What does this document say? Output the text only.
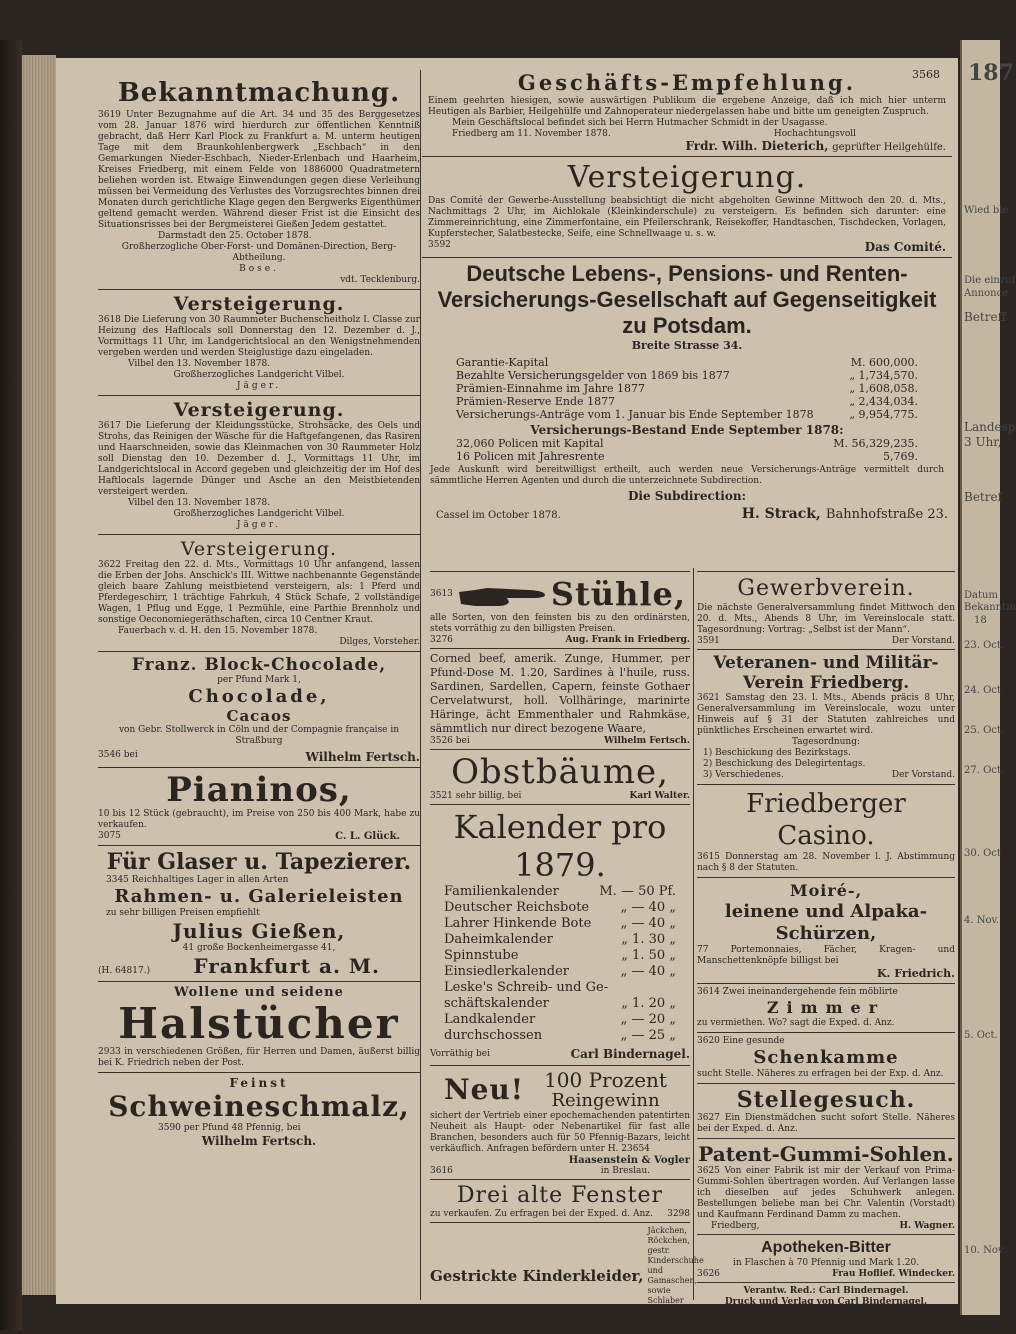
187
Wied ble
Die einzuf
Annonce
Betreff
Landesp
3 Uhr,
Betref
Datum
Bekanntm
18
23. Oct.
24. Oct
25. Oct.
27. Oct.
30. Oct
4. Nov.
5. Oct.
10. Nov.
3568
Bekanntmachung.
3619 Unter Bezugnahme auf die Art. 34 und 35 des Berggesetzes vom 28. Januar 1876 wird hierdurch zur öffentlichen Kenntniß gebracht, daß Herr Karl Plock zu Frankfurt a. M. unterm heutigen Tage mit dem Braunkohlenbergwerk „Eschbach“ in den Gemarkungen Nieder-Eschbach, Nieder-Erlenbach und Haarheim, Kreises Friedberg, mit einem Felde von 1886000 Quadratmetern beliehen worden ist. Etwaige Einwendungen gegen diese Verleihung müssen bei Vermeidung des Verlustes des Vorzugsrechtes binnen drei Monaten durch gerichtliche Klage gegen den Bergwerks Eigenthümer geltend gemacht werden. Während dieser Frist ist die Einsicht des Situationsrisses bei der Bergmeisterei Gießen Jedem gestattet.
Darmstadt den 25. October 1878.
Großherzogliche Ober-Forst- und Domänen-Direction, Berg-Abtheilung.
Bose.
vdt. Tecklenburg.
Versteigerung.
3618 Die Lieferung von 30 Raummeter Buchenscheitholz I. Classe zur Heizung des Haftlocals soll Donnerstag den 12. Dezember d. J., Vormittags 11 Uhr, im Landgerichtslocal an den Wenigstnehmenden vergeben werden und werden Steiglustige dazu eingeladen.
Vilbel den 13. November 1878.
Großherzogliches Landgericht Vilbel.
Jäger.
Versteigerung.
3617 Die Lieferung der Kleidungsstücke, Strohsäcke, des Oels und Strohs, das Reinigen der Wäsche für die Haftgefangenen, das Rasiren und Haarschneiden, sowie das Kleinmachen von 30 Raummeter Holz soll Dienstag den 10. Dezember d. J., Vormittags 11 Uhr, im Landgerichtslocal in Accord gegeben und gleichzeitig der im Hof des Haftlocals lagernde Dünger und Asche an den Meistbietenden versteigert werden.
Vilbel den 13. November 1878.
Großherzogliches Landgericht Vilbel.
Jäger.
Versteigerung.
3622 Freitag den 22. d. Mts., Vormittags 10 Uhr anfangend, lassen die Erben der Johs. Anschick's III. Wittwe nachbenannte Gegenstände gleich baare Zahlung meistbietend versteigern, als: 1 Pferd und Pferdegeschirr, 1 trächtige Fahrkuh, 4 Stück Schafe, 2 vollständige Wagen, 1 Pflug und Egge, 1 Pezmühle, eine Parthie Brennholz und sonstige Oeconomiegeräthschaften, circa 10 Centner Kraut.
Fauerbach v. d. H. den 15. November 1878.
Dilges, Vorsteher.
Franz. Block-Chocolade,
per Pfund Mark 1,
Chocolade,
Cacaos
von Gebr. Stollwerck in Cöln und der Compagnie française in Straßburg
3546 bei	Wilhelm Fertsch.
Pianinos,
10 bis 12 Stück (gebraucht), im Preise von 250 bis 400 Mark, habe zu verkaufen.
3075	C. L. Glück.
Für Glaser u. Tapezierer.
3345 Reichhaltiges Lager in allen Arten
Rahmen- u. Galerieleisten
zu sehr billigen Preisen empfiehlt
Julius Gießen,
41 große Bockenheimergasse 41,
(H. 64817.) Frankfurt a. M.
Wollene und seidene
Halstücher
2933 in verschiedenen Größen, für Herren und Damen, äußerst billig bei K. Friedrich neben der Post.
Feinst
Schweineschmalz,
3590 per Pfund 48 Pfennig, bei
Wilhelm Fertsch.
Geschäfts-Empfehlung.
Einem geehrten hiesigen, sowie auswärtigen Publikum die ergebene Anzeige, daß ich mich hier unterm Heutigen als Barbier, Heilgehülfe und Zahnoperateur niedergelassen habe und bitte um geneigten Zuspruch.
Mein Geschäftslocal befindet sich bei Herrn Hutmacher Schmidt in der Usagasse.
Friedberg am 11. November 1878.	Hochachtungsvoll
Frdr. Wilh. Dieterich, geprüfter Heilgehülfe.
Versteigerung.
Das Comité der Gewerbe-Ausstellung beabsichtigt die nicht abgeholten Gewinne Mittwoch den 20. d. Mts., Nachmittags 2 Uhr, im Aichlokale (Kleinkinderschule) zu versteigern. Es befinden sich darunter: eine Zimmereinrichtung, eine Zimmerfontaine, ein Pfeilerschrank, Reisekoffer, Handtaschen, Tischdecken, Vorlagen, Kupferstecher, Salatbestecke, Seife, eine Schnellwaage u. s. w.
3592	Das Comité.
Deutsche Lebens-, Pensions- und Renten-Versicherungs-Gesellschaft auf Gegenseitigkeit zu Potsdam.
Breite Strasse 34.
Garantie-Kapital	M. 600,000.
Bezahlte Versicherungsgelder von 1869 bis 1877	„ 1,734,570.
Prämien-Einnahme im Jahre 1877	„ 1,608,058.
Prämien-Reserve Ende 1877	„ 2,434,034.
Versicherungs-Anträge vom 1. Januar bis Ende September 1878	„ 9,954,775.
Versicherungs-Bestand Ende September 1878:
32,060 Policen mit Kapital	M. 56,329,235.
16 Policen mit Jahresrente	5,769.
Jede Auskunft wird bereitwilligst ertheilt, auch werden neue Versicherungs-Anträge vermittelt durch sämmtliche Herren Agenten und durch die unterzeichnete Subdirection.
Die Subdirection:
Cassel im October 1878.	H. Strack, Bahnhofstraße 23.
3613	Stühle,
alle Sorten, von den feinsten bis zu den ordinärsten, stets vorräthig zu den billigsten Preisen.
3276	Aug. Frank in Friedberg.
Corned beef, amerik. Zunge, Hummer, per Pfund-Dose M. 1.20, Sardines à l'huile, russ. Sardinen, Sardellen, Capern, feinste Gothaer Cervelatwurst, holl. Vollhäringe, marinirte Häringe, ächt Emmenthaler und Rahmkäse, sämmtlich nur direct bezogene Waare,
3526 bei	Wilhelm Fertsch.
Obstbäume,
3521 sehr billig, bei	Karl Walter.
Kalender pro 1879.
Familienkalender	M. — 50 Pf.
Deutscher Reichsbote „ — 40 „
Lahrer Hinkende Bote „ — 40 „
Daheimkalender	„ 1. 30 „
Spinnstube	„ 1. 50 „
Einsiedlerkalender	„ — 40 „
Leske's Schreib- und Ge-
schäftskalender	„ 1. 20 „
Landkalender	„ — 20 „
durchschossen	„ — 25 „
Vorräthig bei	Carl Bindernagel.
Neu! 100 Prozent
Reingewinn
sichert der Vertrieb einer epochemachenden patentirten Neuheit als Haupt- oder Nebenartikel für fast alle Branchen, besonders auch für 50 Pfennig-Bazars, leicht verkäuflich. Anfragen befördern unter H. 23654
Haasenstein & Vogler
3616	in Breslau.
Drei alte Fenster
zu verkaufen. Zu erfragen bei der Exped. d. Anz. 3298
Gestrickte Kinderkleider,
Jäckchen, Röckchen, gestr. Kinderschuhe und Gamaschen, sowie Schlaber billigst bei K. Friedrich.
Gewerbverein.
Die nächste Generalversammlung findet Mittwoch den 20. d. Mts., Abends 8 Uhr, im Vereinslocale statt. Tagesordnung: Vortrag: „Selbst ist der Mann“.
3591	Der Vorstand.
Veteranen- und Militär-Verein Friedberg.
3621 Samstag den 23. l. Mts., Abends präcis 8 Uhr, Generalversammlung im Vereinslocale, wozu unter Hinweis auf § 31 der Statuten zahlreiches und pünktliches Erscheinen erwartet wird.
Tagesordnung:
1) Beschickung des Bezirkstags.
2) Beschickung des Delegirtentags.
3) Verschiedenes.	Der Vorstand.
Friedberger Casino.
3615 Donnerstag am 28. November l. J. Abstimmung nach § 8 der Statuten.
Moiré-,
leinene und Alpaka-Schürzen,
77 Portemonnaies, Fächer, Kragen- und Manschettenknöpfe billigst bei
K. Friedrich.
3614 Zwei ineinandergehende fein möblirte
Zimmer
zu vermiethen. Wo? sagt die Exped. d. Anz.
3620 Eine gesunde
Schenkamme
sucht Stelle. Näheres zu erfragen bei der Exp. d. Anz.
Stellegesuch.
3627 Ein Dienstmädchen sucht sofort Stelle. Näheres bei der Exped. d. Anz.
Patent-Gummi-Sohlen.
3625 Von einer Fabrik ist mir der Verkauf von Prima-Gummi-Sohlen übertragen worden. Auf Verlangen lasse ich dieselben auf jedes Schuhwerk anlegen. Bestellungen beliebe man bei Chr. Valentin (Vorstadt) und Kaufmann Ferdinand Damm zu machen.
Friedberg,	H. Wagner.
Apotheken-Bitter
in Flaschen à 70 Pfennig und Mark 1.20.
3626	Frau Hoflief. Windecker.
Verantw. Red.: Carl Bindernagel.
Druck und Verlag von Carl Bindernagel.
